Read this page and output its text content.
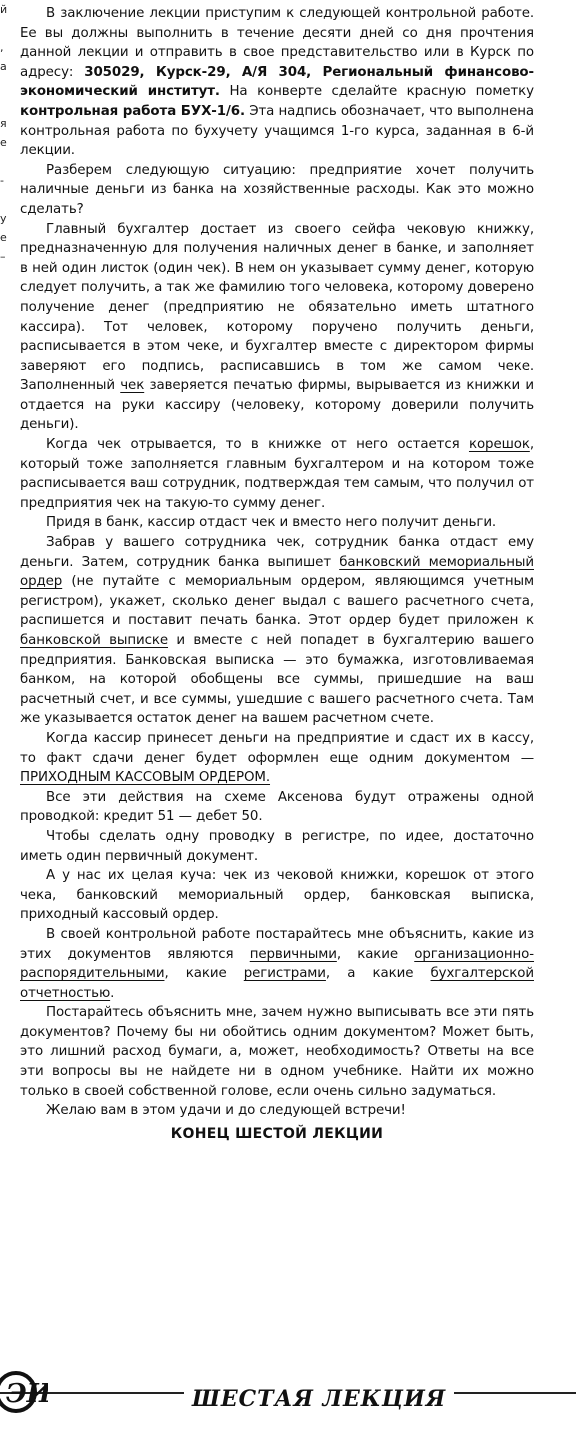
й

,
а

я
е

-

у
е
–

В заключение лекции приступим к следующей контрольной работе. Ее вы должны выполнить в течение десяти дней со дня прочтения данной лекции и отправить в свое представительство или в Курск по адресу: 305029, Курск-29, А/Я 304, Региональный финансово-экономический институт. На конверте сделайте красную пометку контрольная работа БУХ-1/6. Эта надпись обозначает, что выполнена контрольная работа по бухучету учащимся 1-го курса, заданная в 6-й лекции.

Разберем следующую ситуацию: предприятие хочет получить наличные деньги из банка на хозяйственные расходы. Как это можно сделать?

Главный бухгалтер достает из своего сейфа чековую книжку, предназначенную для получения наличных денег в банке, и заполняет в ней один листок (один чек). В нем он указывает сумму денег, которую следует получить, а так же фамилию того человека, которому доверено получение денег (предприятию не обязательно иметь штатного кассира). Тот человек, которому поручено получить деньги, расписывается в этом чеке, и бухгалтер вместе с директором фирмы заверяют его подпись, расписавшись в том же самом чеке. Заполненный чек заверяется печатью фирмы, вырывается из книжки и отдается на руки кассиру (человеку, которому доверили получить деньги).

Когда чек отрывается, то в книжке от него остается корешок, который тоже заполняется главным бухгалтером и на котором тоже расписывается ваш сотрудник, подтверждая тем самым, что получил от предприятия чек на такую-то сумму денег.

Придя в банк, кассир отдаст чек и вместо него получит деньги.

Забрав у вашего сотрудника чек, сотрудник банка отдаст ему деньги. Затем, сотрудник банка выпишет банковский мемориальный ордер (не путайте с мемориальным ордером, являющимся учетным регистром), укажет, сколько денег выдал с вашего расчетного счета, распишется и поставит печать банка. Этот ордер будет приложен к банковской выписке и вместе с ней попадет в бухгалтерию вашего предприятия. Банковская выписка — это бумажка, изготовливаемая банком, на которой обобщены все суммы, пришедшие на ваш расчетный счет, и все суммы, ушедшие с вашего расчетного счета. Там же указывается остаток денег на вашем расчетном счете.

Когда кассир принесет деньги на предприятие и сдаст их в кассу, то факт сдачи денег будет оформлен еще одним документом — ПРИХОДНЫМ КАССОВЫМ ОРДЕРОМ.

Все эти действия на схеме Аксенова будут отражены одной проводкой: кредит 51 — дебет 50.

Чтобы сделать одну проводку в регистре, по идее, достаточно иметь один первичный документ.

А у нас их целая куча: чек из чековой книжки, корешок от этого чека, банковский мемориальный ордер, банковская выписка, приходный кассовый ордер.

В своей контрольной работе постарайтесь мне объяснить, какие из этих документов являются первичными, какие организационно-распорядительными, какие регистрами, а какие бухгалтерской отчетностью.

Постарайтесь объяснить мне, зачем нужно выписывать все эти пять документов? Почему бы ни обойтись одним документом? Может быть, это лишний расход бумаги, а, может, необходимость? Ответы на все эти вопросы вы не найдете ни в одном учебнике. Найти их можно только в своей собственной голове, если очень сильно задуматься.

Желаю вам в этом удачи и до следующей встречи!

КОНЕЦ ШЕСТОЙ ЛЕКЦИИ
ЭИ	ШЕСТАЯ ЛЕКЦИЯ
